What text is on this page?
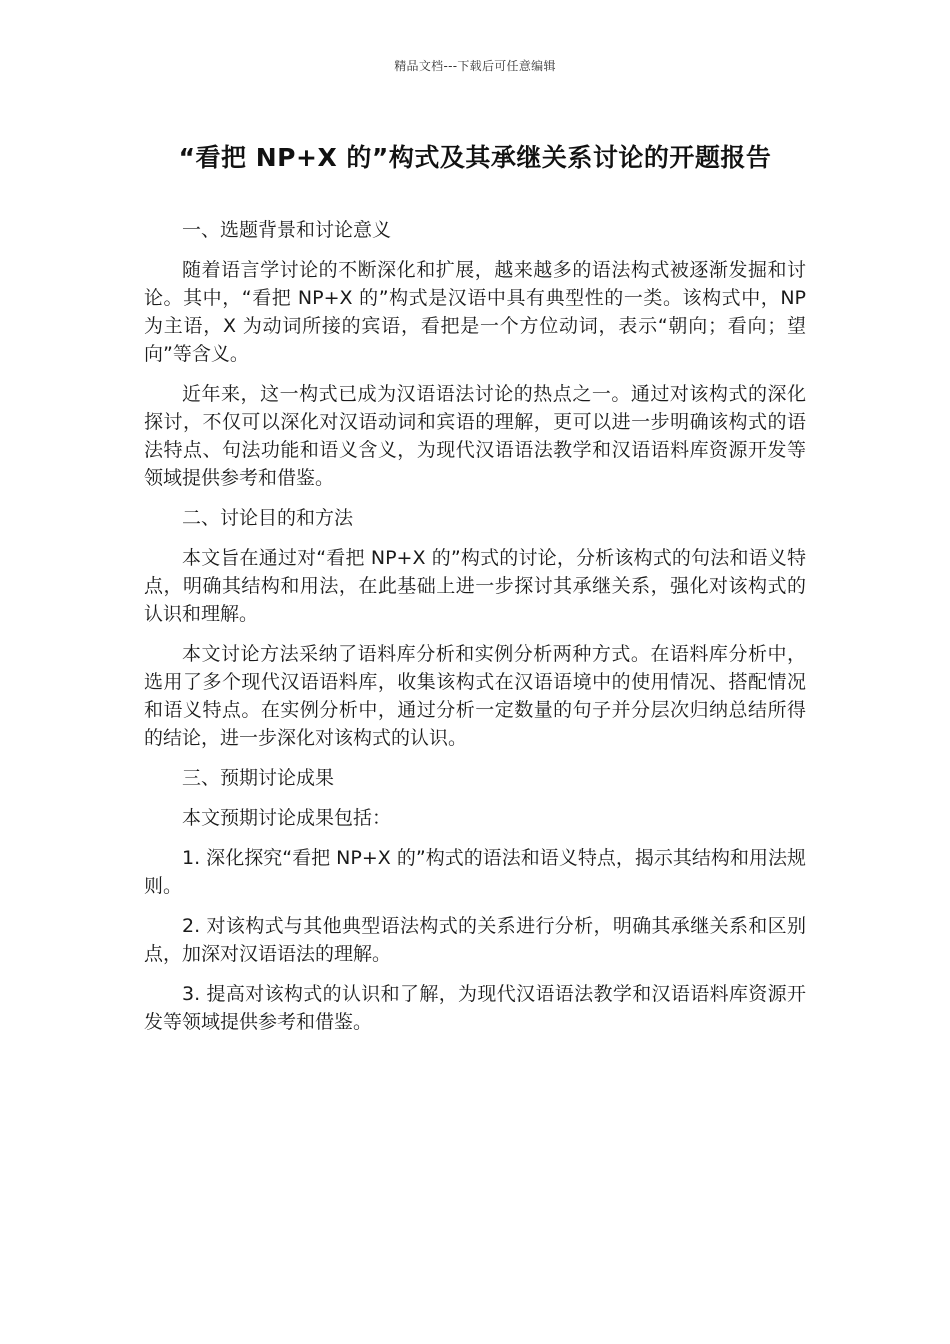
精品文档---下载后可任意编辑
“看把 NP+X 的”构式及其承继关系讨论的开题报告

一、选题背景和讨论意义

随着语言学讨论的不断深化和扩展，越来越多的语法构式被逐渐发掘和讨论。其中，“看把 NP+X 的”构式是汉语中具有典型性的一类。该构式中，NP 为主语，X 为动词所接的宾语，看把是一个方位动词，表示“朝向；看向；望向”等含义。

近年来，这一构式已成为汉语语法讨论的热点之一。通过对该构式的深化探讨，不仅可以深化对汉语动词和宾语的理解，更可以进一步明确该构式的语法特点、句法功能和语义含义，为现代汉语语法教学和汉语语料库资源开发等领域提供参考和借鉴。

二、讨论目的和方法

本文旨在通过对“看把 NP+X 的”构式的讨论，分析该构式的句法和语义特点，明确其结构和用法，在此基础上进一步探讨其承继关系，强化对该构式的认识和理解。

本文讨论方法采纳了语料库分析和实例分析两种方式。在语料库分析中，选用了多个现代汉语语料库，收集该构式在汉语语境中的使用情况、搭配情况和语义特点。在实例分析中，通过分析一定数量的句子并分层次归纳总结所得的结论，进一步深化对该构式的认识。

三、预期讨论成果

本文预期讨论成果包括：

1. 深化探究“看把 NP+X 的”构式的语法和语义特点，揭示其结构和用法规则。

2. 对该构式与其他典型语法构式的关系进行分析，明确其承继关系和区别点，加深对汉语语法的理解。

3. 提高对该构式的认识和了解，为现代汉语语法教学和汉语语料库资源开发等领域提供参考和借鉴。
